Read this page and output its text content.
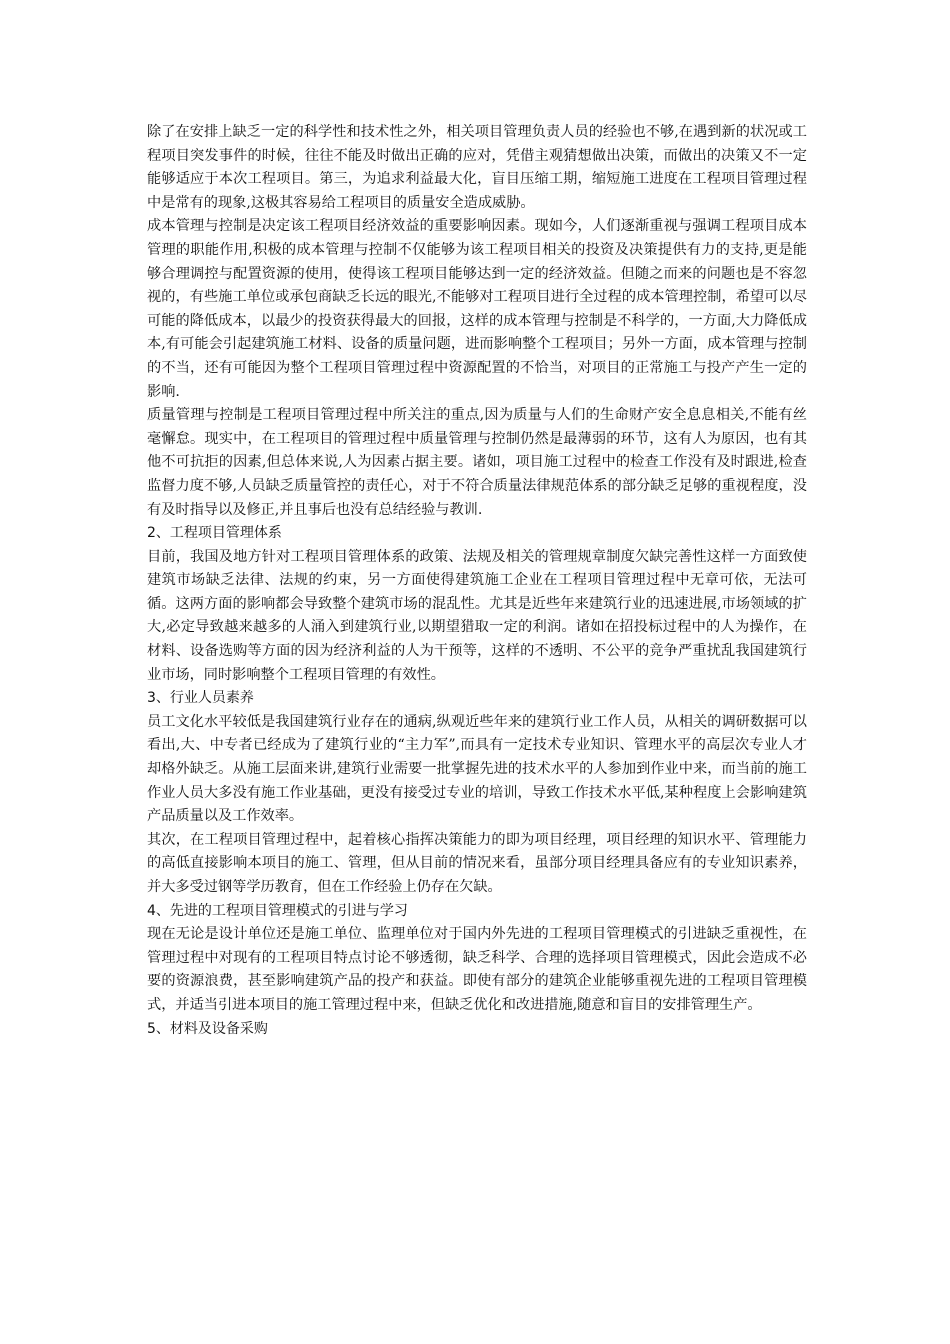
除了在安排上缺乏一定的科学性和技术性之外，相关项目管理负责人员的经验也不够,在遇到新的状况或工程项目突发事件的时候，往往不能及时做出正确的应对，凭借主观猜想做出决策，而做出的决策又不一定能够适应于本次工程项目。第三，为追求利益最大化，盲目压缩工期，缩短施工进度在工程项目管理过程中是常有的现象,这极其容易给工程项目的质量安全造成威胁。

成本管理与控制是决定该工程项目经济效益的重要影响因素。现如今，人们逐渐重视与强调工程项目成本管理的职能作用,积极的成本管理与控制不仅能够为该工程项目相关的投资及决策提供有力的支持,更是能够合理调控与配置资源的使用，使得该工程项目能够达到一定的经济效益。但随之而来的问题也是不容忽视的，有些施工单位或承包商缺乏长远的眼光,不能够对工程项目进行全过程的成本管理控制，希望可以尽可能的降低成本，以最少的投资获得最大的回报，这样的成本管理与控制是不科学的，一方面,大力降低成本,有可能会引起建筑施工材料、设备的质量问题，进而影响整个工程项目；另外一方面，成本管理与控制的不当，还有可能因为整个工程项目管理过程中资源配置的不恰当，对项目的正常施工与投产产生一定的影响.

质量管理与控制是工程项目管理过程中所关注的重点,因为质量与人们的生命财产安全息息相关,不能有丝毫懈怠。现实中，在工程项目的管理过程中质量管理与控制仍然是最薄弱的环节，这有人为原因，也有其他不可抗拒的因素,但总体来说,人为因素占据主要。诸如，项目施工过程中的检查工作没有及时跟进,检查监督力度不够,人员缺乏质量管控的责任心，对于不符合质量法律规范体系的部分缺乏足够的重视程度，没有及时指导以及修正,并且事后也没有总结经验与教训.

2、工程项目管理体系

目前，我国及地方针对工程项目管理体系的政策、法规及相关的管理规章制度欠缺完善性这样一方面致使建筑市场缺乏法律、法规的约束，另一方面使得建筑施工企业在工程项目管理过程中无章可依，无法可循。这两方面的影响都会导致整个建筑市场的混乱性。尤其是近些年来建筑行业的迅速进展,市场领域的扩大,必定导致越来越多的人涌入到建筑行业,以期望猎取一定的利润。诸如在招投标过程中的人为操作，在材料、设备选购等方面的因为经济利益的人为干预等，这样的不透明、不公平的竞争严重扰乱我国建筑行业市场，同时影响整个工程项目管理的有效性。

3、行业人员素养

员工文化水平较低是我国建筑行业存在的通病,纵观近些年来的建筑行业工作人员，从相关的调研数据可以看出,大、中专者已经成为了建筑行业的“主力军”,而具有一定技术专业知识、管理水平的高层次专业人才却格外缺乏。从施工层面来讲,建筑行业需要一批掌握先进的技术水平的人参加到作业中来，而当前的施工作业人员大多没有施工作业基础，更没有接受过专业的培训，导致工作技术水平低,某种程度上会影响建筑产品质量以及工作效率。

其次，在工程项目管理过程中，起着核心指挥决策能力的即为项目经理，项目经理的知识水平、管理能力的高低直接影响本项目的施工、管理，但从目前的情况来看，虽部分项目经理具备应有的专业知识素养，并大多受过钢等学历教育，但在工作经验上仍存在欠缺。

4、先进的工程项目管理模式的引进与学习

现在无论是设计单位还是施工单位、监理单位对于国内外先进的工程项目管理模式的引进缺乏重视性，在管理过程中对现有的工程项目特点讨论不够透彻，缺乏科学、合理的选择项目管理模式，因此会造成不必要的资源浪费，甚至影响建筑产品的投产和获益。即使有部分的建筑企业能够重视先进的工程项目管理模式，并适当引进本项目的施工管理过程中来，但缺乏优化和改进措施,随意和盲目的安排管理生产。

5、材料及设备采购
